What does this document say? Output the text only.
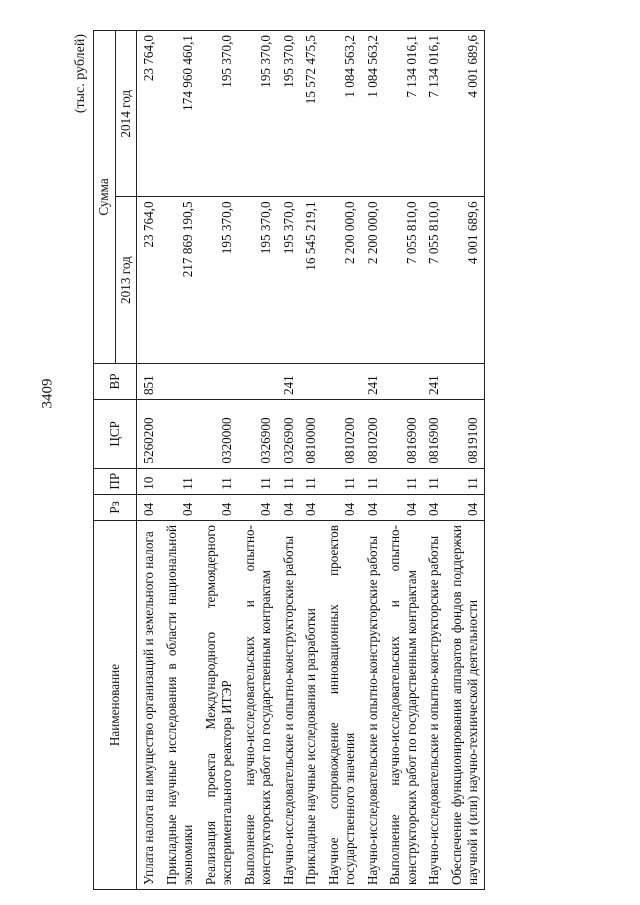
3409
(тыс. рублей)
Наименование	Рз	ПР	ЦСР	ВР	Сумма	
					2013 год	2014 год
Уплата налога на имущество организаций и земельного налога	04	10	5260200	851	23 764,0	23 764,0
Прикладные научные исследования в области национальной экономики	04	11			217 869 190,5	174 960 460,1
Реализация проекта Международного термоядерного экспериментального реактора ИТЭР	04	11	0320000		195 370,0	195 370,0
Выполнение научно-исследовательских и опытно-конструкторских работ по государственным контрактам	04	11	0326900		195 370,0	195 370,0
Научно-исследовательские и опытно-конструкторские работы	04	11	0326900	241	195 370,0	195 370,0
Прикладные научные исследования и разработки	04	11	0810000		16 545 219,1	15 572 475,5
Научное сопровождение инновационных проектов государственного значения	04	11	0810200		2 200 000,0	1 084 563,2
Научно-исследовательские и опытно-конструкторские работы	04	11	0810200	241	2 200 000,0	1 084 563,2
Выполнение научно-исследовательских и опытно-конструкторских работ по государственным контрактам	04	11	0816900		7 055 810,0	7 134 016,1
Научно-исследовательские и опытно-конструкторские работы	04	11	0816900	241	7 055 810,0	7 134 016,1
Обеспечение функционирования аппаратов фондов поддержки научной и (или) научно-технической деятельности	04	11	0819100		4 001 689,6	4 001 689,6
